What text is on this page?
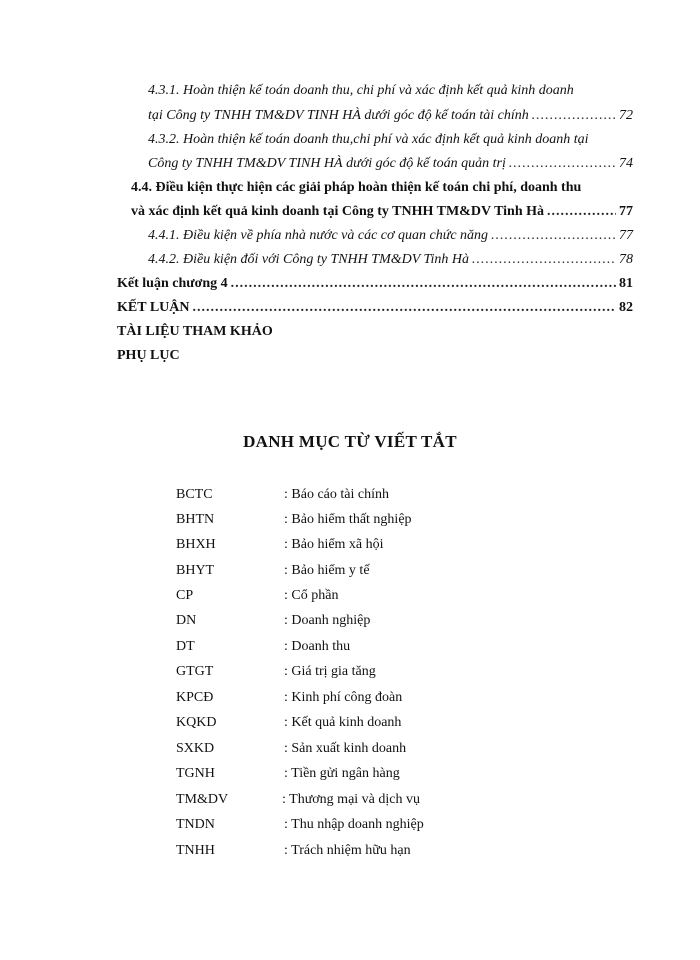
4.3.1. Hoàn thiện kế toán doanh thu, chi phí và xác định kết quả kinh doanh
tại Công ty TNHH TM&DV TINH HÀ dưới góc độ kế toán tài chính .....	72
4.3.2. Hoàn thiện kế toán doanh thu,chi phí và xác định kết quả kinh doanh tại
Công ty TNHH TM&DV TINH HÀ dưới góc độ kế toán quản trị .....	74
4.4. Điều kiện thực hiện các giải pháp hoàn thiện kế toán chi phí, doanh thu
và xác định kết quả kinh doanh tại Công ty TNHH TM&DV Tinh Hà .....	77
4.4.1. Điều kiện về phía nhà nước và các cơ quan chức năng .....	77
4.4.2. Điều kiện đối với Công ty TNHH TM&DV Tinh Hà .....	78
Kết luận chương 4 .....	81
KẾT LUẬN .....	82
TÀI LIỆU THAM KHẢO
PHỤ LỤC
DANH MỤC TỪ VIẾT TẮT
BCTC	: Báo cáo tài chính
BHTN	: Bảo hiểm thất nghiệp
BHXH	: Bảo hiểm xã hội
BHYT	: Bảo hiểm y tế
CP	: Cổ phần
DN	: Doanh nghiệp
DT	: Doanh thu
GTGT	: Giá trị gia tăng
KPCĐ	: Kinh phí công đoàn
KQKD	: Kết quả kinh doanh
SXKD	: Sản xuất kinh doanh
TGNH	: Tiền gửi ngân hàng
TM&DV	: Thương mại và dịch vụ
TNDN	: Thu nhập doanh nghiệp
TNHH	: Trách nhiệm hữu hạn
